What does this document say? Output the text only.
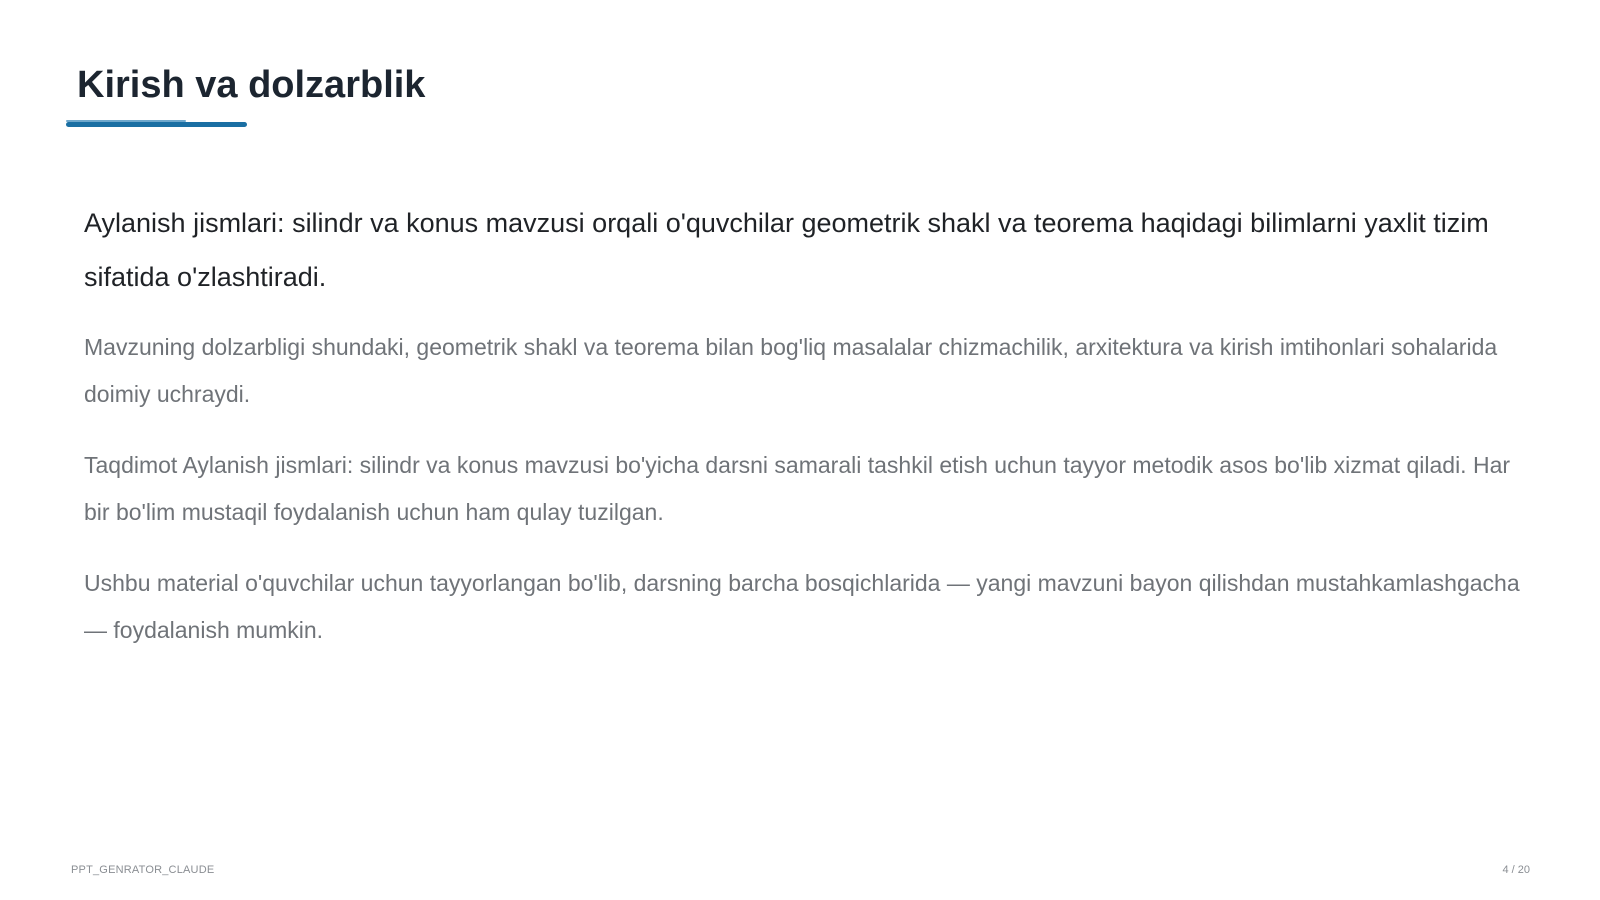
Kirish va dolzarblik

Aylanish jismlari: silindr va konus mavzusi orqali o'quvchilar geometrik shakl va teorema haqidagi bilimlarni yaxlit tizim sifatida o'zlashtiradi.

Mavzuning dolzarbligi shundaki, geometrik shakl va teorema bilan bog'liq masalalar chizmachilik, arxitektura va kirish imtihonlari sohalarida doimiy uchraydi.

Taqdimot Aylanish jismlari: silindr va konus mavzusi bo'yicha darsni samarali tashkil etish uchun tayyor metodik asos bo'lib xizmat qiladi. Har bir bo'lim mustaqil foydalanish uchun ham qulay tuzilgan.

Ushbu material o'quvchilar uchun tayyorlangan bo'lib, darsning barcha bosqichlarida — yangi mavzuni bayon qilishdan mustahkamlashgacha — foydalanish mumkin.

PPT_GENRATOR_CLAUDE	4 / 20
